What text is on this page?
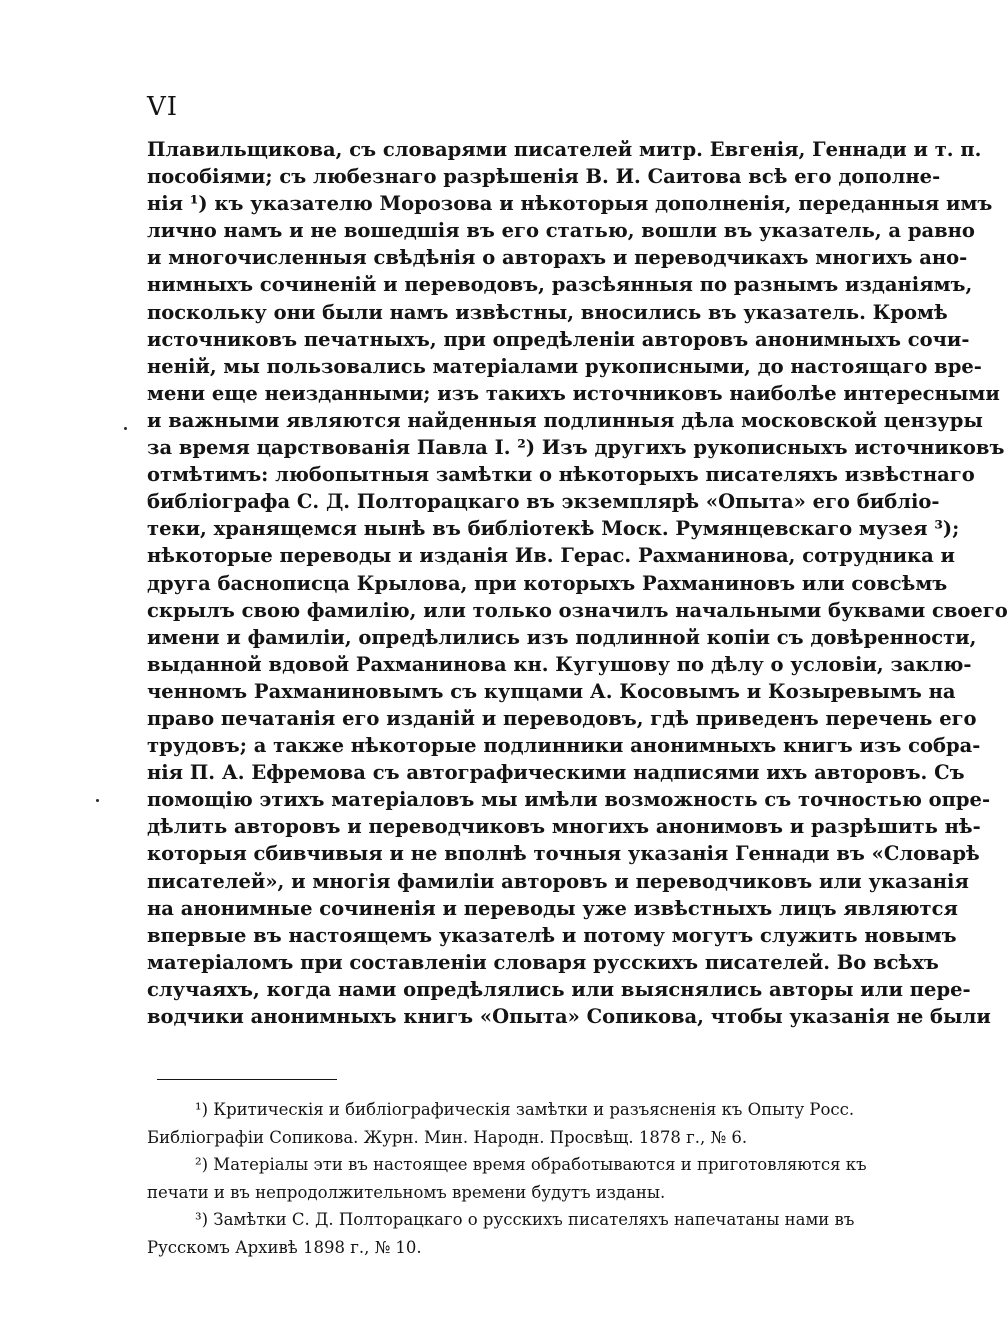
VI
Плавильщикова, съ словарями писателей митр. Евгенія, Геннади и т. п.
пособіями; съ любезнаго разрѣшенія В. И. Саитова всѣ его дополне-
нія ¹) къ указателю Морозова и нѣкоторыя дополненія, переданныя имъ
лично намъ и не вошедшія въ его статью, вошли въ указатель, а равно
и многочисленныя свѣдѣнія о авторахъ и переводчикахъ многихъ ано-
нимныхъ сочиненій и переводовъ, разсѣянныя по разнымъ изданіямъ,
поскольку они были намъ извѣстны, вносились въ указатель. Кромѣ
источниковъ печатныхъ, при опредѣленіи авторовъ анонимныхъ сочи-
неній, мы пользовались матеріалами рукописными, до настоящаго вре-
мени еще неизданными; изъ такихъ источниковъ наиболѣе интересными
и важными являются найденныя подлинныя дѣла московской цензуры
за время царствованія Павла I. ²) Изъ другихъ рукописныхъ источниковъ
отмѣтимъ: любопытныя замѣтки о нѣкоторыхъ писателяхъ извѣстнаго
библіографа С. Д. Полторацкаго въ экземплярѣ «Опыта» его библіо-
теки, хранящемся нынѣ въ библіотекѣ Моск. Румянцевскаго музея ³);
нѣкоторые переводы и изданія Ив. Герас. Рахманинова, сотрудника и
друга баснописца Крылова, при которыхъ Рахманиновъ или совсѣмъ
скрылъ свою фамилію, или только означилъ начальными буквами своего
имени и фамиліи, опредѣлились изъ подлинной копіи съ довѣренности,
выданной вдовой Рахманинова кн. Кугушову по дѣлу о условіи, заклю-
ченномъ Рахманиновымъ съ купцами А. Косовымъ и Козыревымъ на
право печатанія его изданій и переводовъ, гдѣ приведенъ перечень его
трудовъ; а также нѣкоторые подлинники анонимныхъ книгъ изъ собра-
нія П. А. Ефремова съ автографическими надписями ихъ авторовъ. Съ
помощію этихъ матеріаловъ мы имѣли возможность съ точностью опре-
дѣлить авторовъ и переводчиковъ многихъ анонимовъ и разрѣшить нѣ-
которыя сбивчивыя и не вполнѣ точныя указанія Геннади въ «Словарѣ
писателей», и многія фамиліи авторовъ и переводчиковъ или указанія
на анонимные сочиненія и переводы уже извѣстныхъ лицъ являются
впервые въ настоящемъ указателѣ и потому могутъ служить новымъ
матеріаломъ при составленіи словаря русскихъ писателей. Во всѣхъ
случаяхъ, когда нами опредѣлялись или выяснялись авторы или пере-
водчики анонимныхъ книгъ «Опыта» Сопикова, чтобы указанія не были
¹) Критическія и библіографическія замѣтки и разъясненія къ Опыту Росс.
Библіографіи Сопикова. Журн. Мин. Народн. Просвѣщ. 1878 г., № 6.
²) Матеріалы эти въ настоящее время обработываются и приготовляются къ
печати и въ непродолжительномъ времени будутъ изданы.
³) Замѣтки С. Д. Полторацкаго о русскихъ писателяхъ напечатаны нами въ
Русскомъ Архивѣ 1898 г., № 10.
